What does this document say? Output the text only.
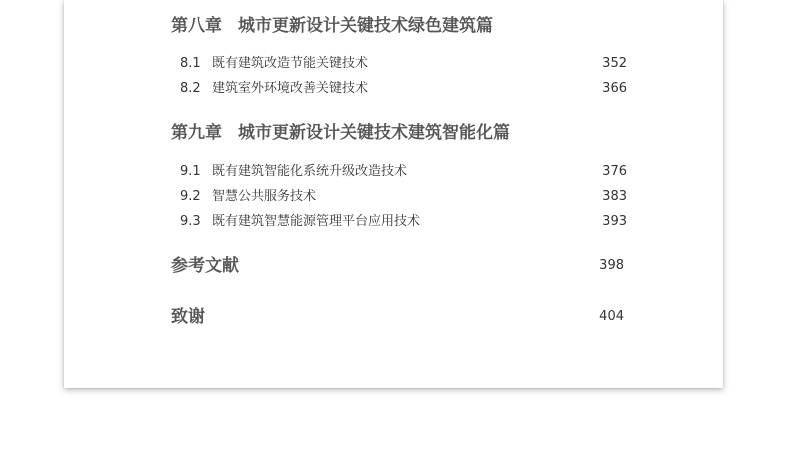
第八章 城市更新设计关键技术绿色建筑篇
8.1 既有建筑改造节能关键技术	352
8.2 建筑室外环境改善关键技术	366
第九章 城市更新设计关键技术建筑智能化篇
9.1 既有建筑智能化系统升级改造技术	376
9.2 智慧公共服务技术	383
9.3 既有建筑智慧能源管理平台应用技术	393
参考文献	398
致谢	404
